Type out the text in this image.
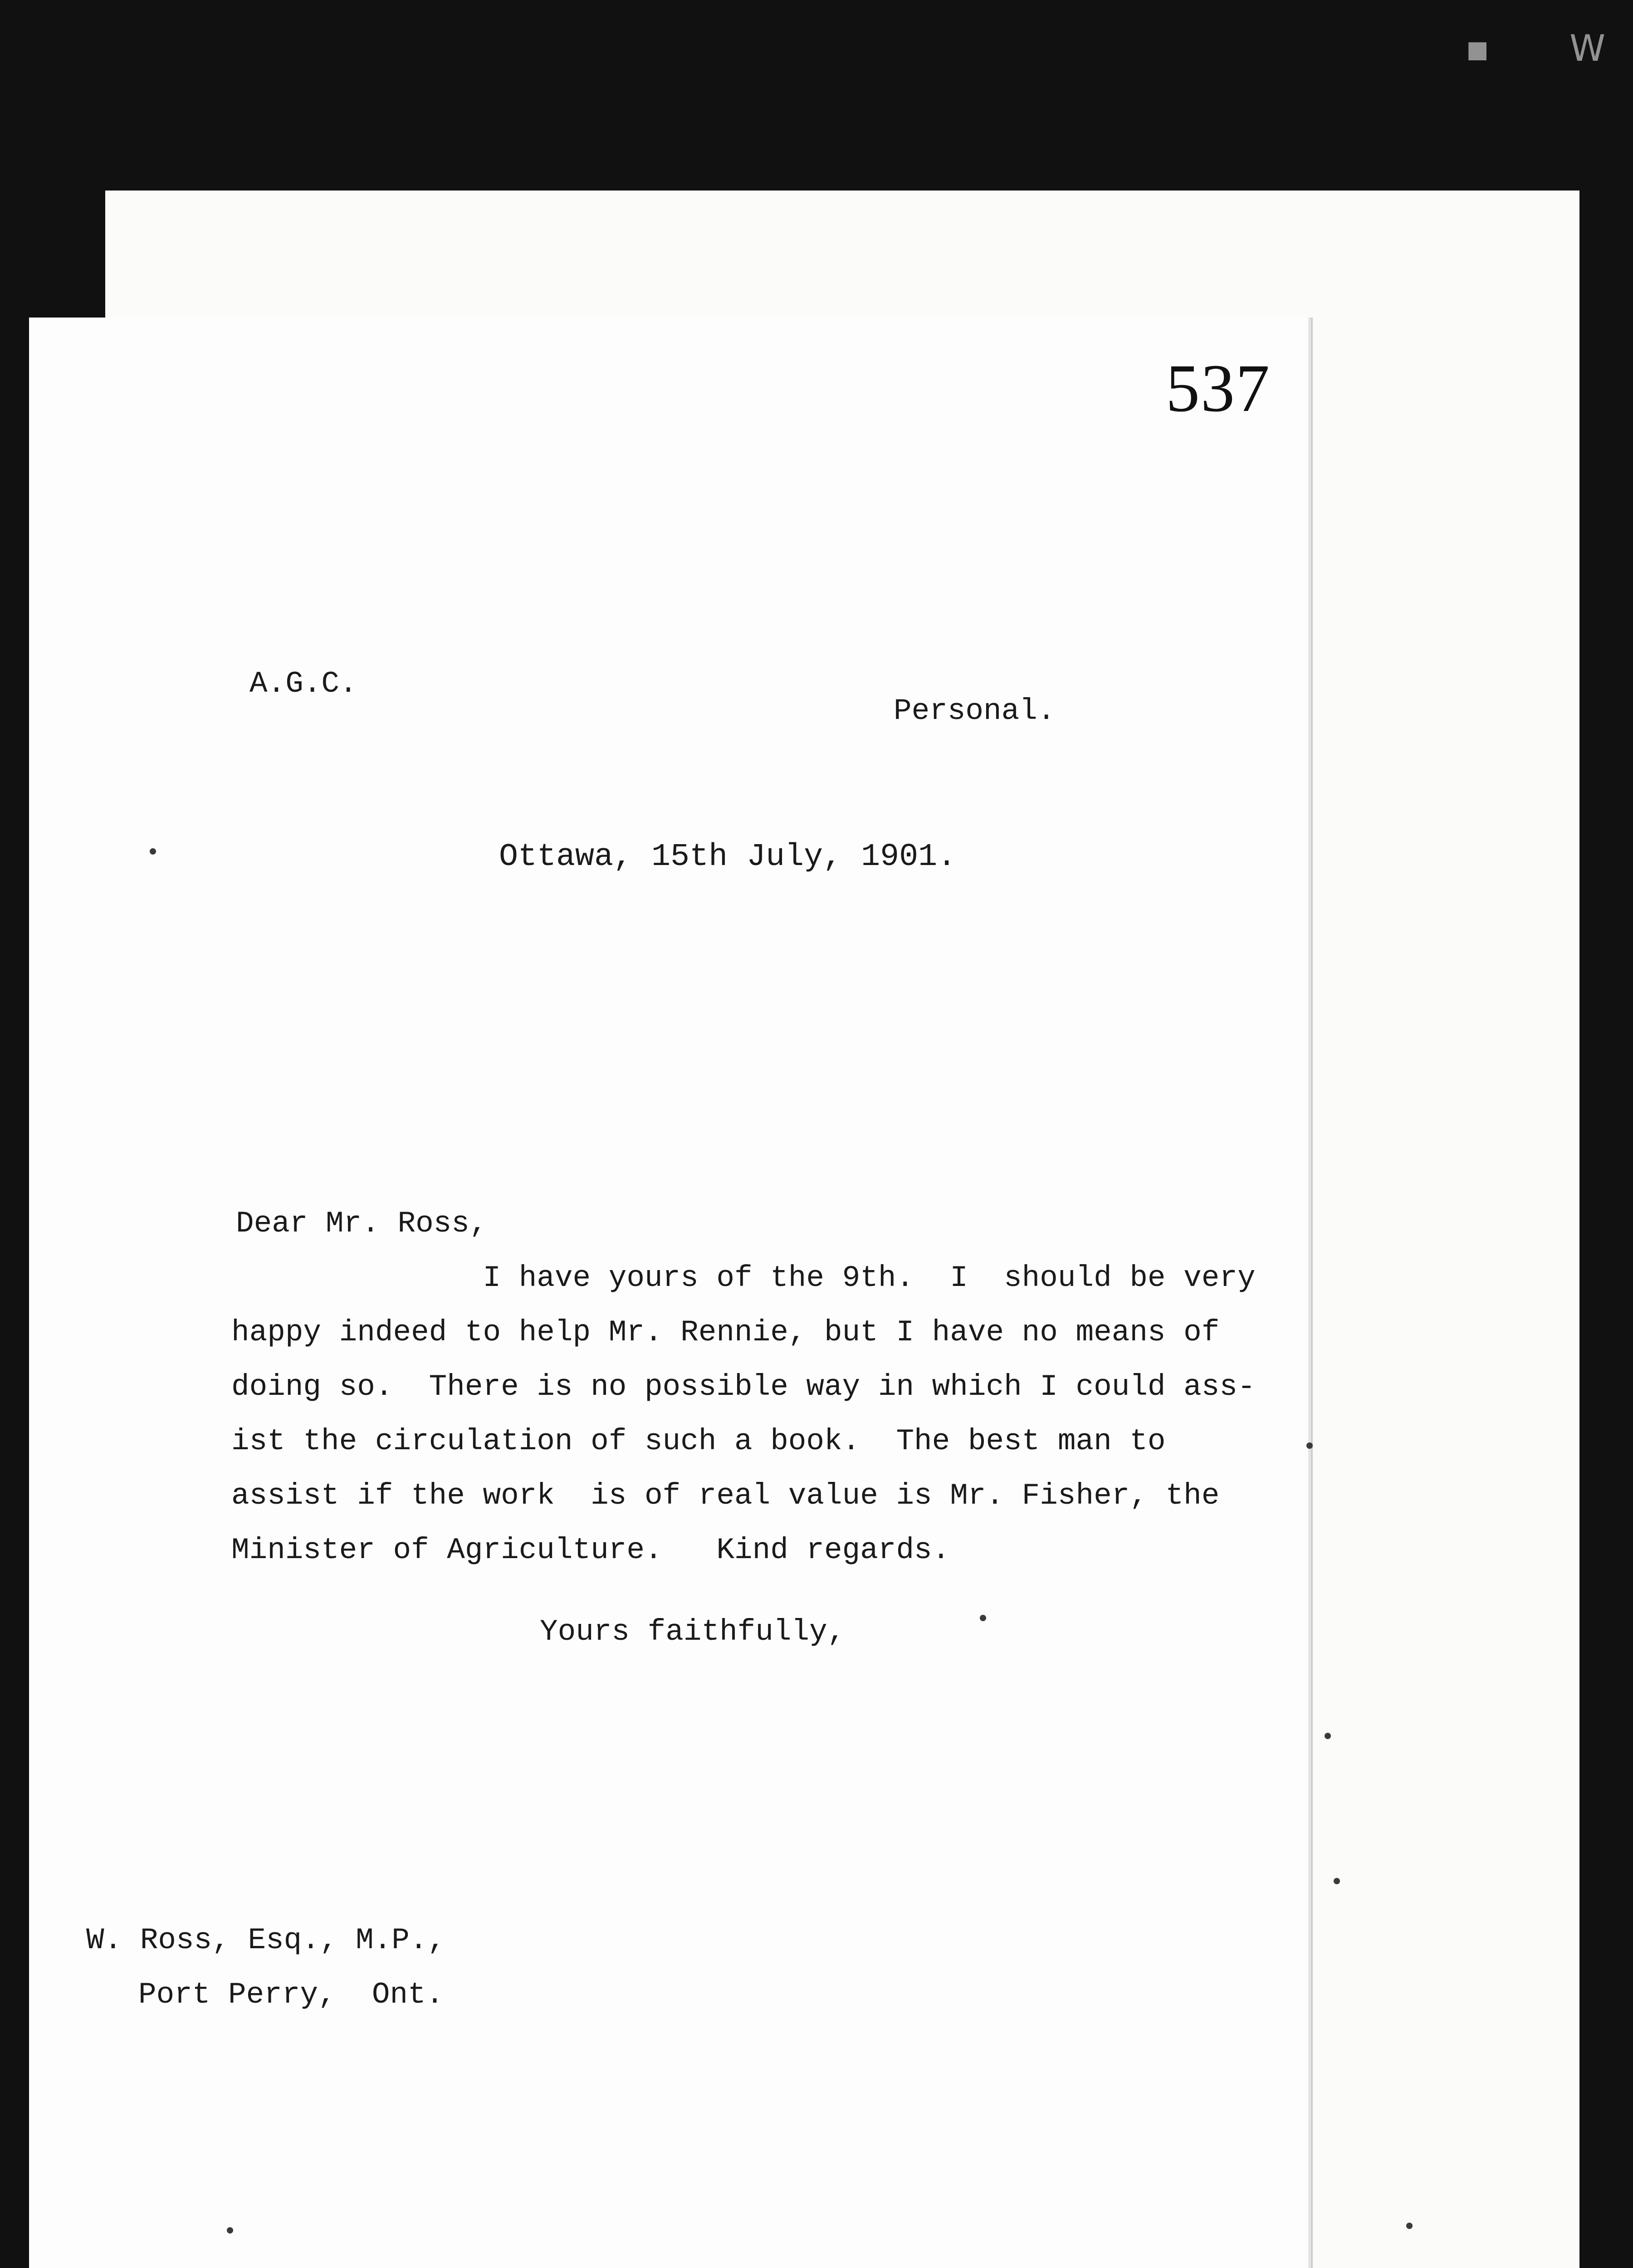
▪ W
537
A.G.C.
Personal.
Ottawa, 15th July, 1901.
Dear Mr. Ross,
I have yours of the 9th.  I  should be very
happy indeed to help Mr. Rennie, but I have no means of
doing so.  There is no possible way in which I could ass-
ist the circulation of such a book.  The best man to
assist if the work  is of real value is Mr. Fisher, the
Minister of Agriculture.   Kind regards.
Yours faithfully,
W. Ross, Esq., M.P.,
Port Perry,  Ont.
